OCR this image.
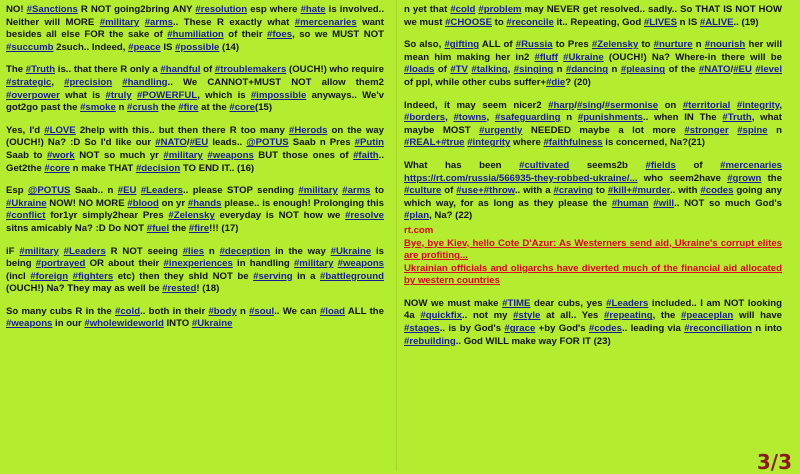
NO! #Sanctions R NOT going2bring ANY #resolution esp where #hate is involved.. Neither will MORE #military #arms.. These R exactly what #mercenaries want besides all else FOR the sake of #humiliation of their #foes, so we MUST NOT #succumb 2such.. Indeed, #peace IS #possible (14)

The #Truth is.. that there R only a #handful of #troublemakers (OUCH!) who require #strategic, #precision #handling.. We CANNOT+MUST NOT allow them2 #overpower what is #truly #POWERFUL, which is #impossible anyways.. We'v got2go past the #smoke n #crush the #fire at the #core(15)

Yes, I'd #LOVE 2help with this.. but then there R too many #Herods on the way (OUCH!) Na? :D So I'd like our #NATO/#EU leads.. @POTUS Saab n Pres #Putin Saab to #work NOT so much yr #military #weapons BUT those ones of #faith.. Get2the #core n make THAT #decision TO END IT.. (16)

Esp @POTUS Saab.. n #EU #Leaders.. please STOP sending #military #arms to #Ukraine NOW! NO MORE #blood on yr #hands please.. is enough! Prolonging this #conflict for1yr simply2hear Pres #Zelensky everyday is NOT how we #resolve sitns amicably Na? :D Do NOT #fuel the #fire!!! (17)

iF #military #Leaders R NOT seeing #lies n #deception in the way #Ukraine is being #portrayed OR about their #inexperiences in handling #military #weapons (incl #foreign #fighters etc) then they shld NOT be #serving in a #battleground (OUCH!) Na? They may as well be #rested! (18)

So many cubs R in the #cold.. both in their #body n #soul.. We can #load ALL the #weapons in our #wholewideworld INTO #Ukraine

n yet that #cold #problem may NEVER get resolved.. sadly.. So THAT IS NOT HOW we must #CHOOSE to #reconcile it.. Repeating, God #LIVES n IS #ALIVE.. (19)

So also, #gifting ALL of #Russia to Pres #Zelensky to #nurture n #nourish her will mean him making her in2 #fluff #Ukraine (OUCH!) Na? Where-in there will be #loads of #TV #talking, #singing n #dancing n #pleasing of the #NATO/#EU #level of ppl, while other cubs suffer+#die? (20)

Indeed, it may seem nicer2 #harp/#sing/#sermonise on #territorial #integrity, #borders, #towns, #safeguarding n #punishments.. when IN The #Truth, what maybe MOST #urgently NEEDED maybe a lot more #stronger #spine n #REAL+#true #integrity where #faithfulness is concerned, Na?(21)

What has been #cultivated seems2b #fields of #mercenaries https://rt.com/russia/566935-they-robbed-ukraine/... who seem2have #grown the #culture of #use+#throw.. with a #craving to #kill+#murder.. with #codes going any which way, for as long as they please the #human #will.. NOT so much God's #plan, Na? (22)

rt.com
Bye, bye Kiev, hello Cote D'Azur: As Westerners send aid, Ukraine's corrupt elites are profiting...
Ukrainian officials and oligarchs have diverted much of the financial aid allocated by western countries

NOW we must make #TIME dear cubs, yes #Leaders included.. I am NOT looking 4a #quickfix.. not my #style at all.. Yes #repeating, the #peaceplan will have #stages.. is by God's #grace +by God's #codes.. leading via #reconciliation n into #rebuilding.. God WILL make way FOR IT (23)

3/3
